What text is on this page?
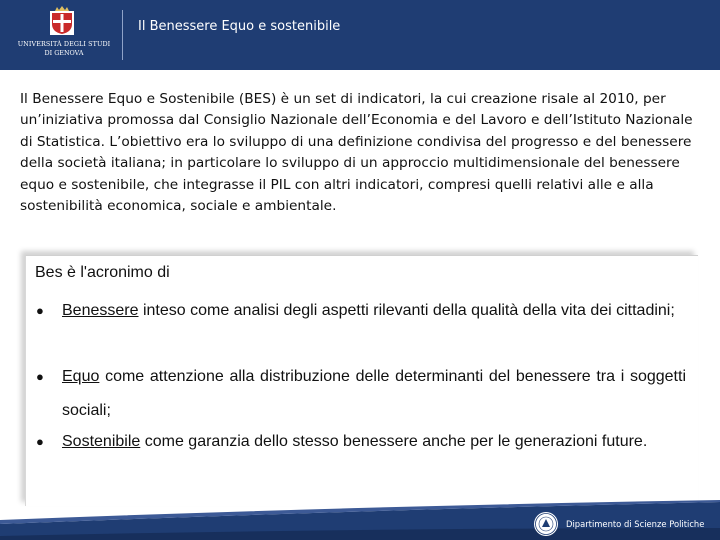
UNIVERSITÀ DEGLI STUDI
DI GENOVA
Il Benessere Equo e sostenibile

Il Benessere Equo e Sostenibile (BES) è un set di indicatori, la cui creazione risale al 2010, per un’iniziativa promossa dal Consiglio Nazionale dell’Economia e del Lavoro e dell’Istituto Nazionale di Statistica. L’obiettivo era lo sviluppo di una definizione condivisa del progresso e del benessere della società italiana; in particolare lo sviluppo di un approccio multidimensionale del benessere equo e sostenibile, che integrasse il PIL con altri indicatori, compresi quelli relativi alle e alla sostenibilità economica, sociale e ambientale.

Bes è l'acronimo di
● Benessere inteso come analisi degli aspetti rilevanti della qualità della vita dei cittadini;
● Equo come attenzione alla distribuzione delle determinanti del benessere tra i soggetti sociali;
● Sostenibile come garanzia dello stesso benessere anche per le generazioni future.
Dipartimento di Scienze Politiche
